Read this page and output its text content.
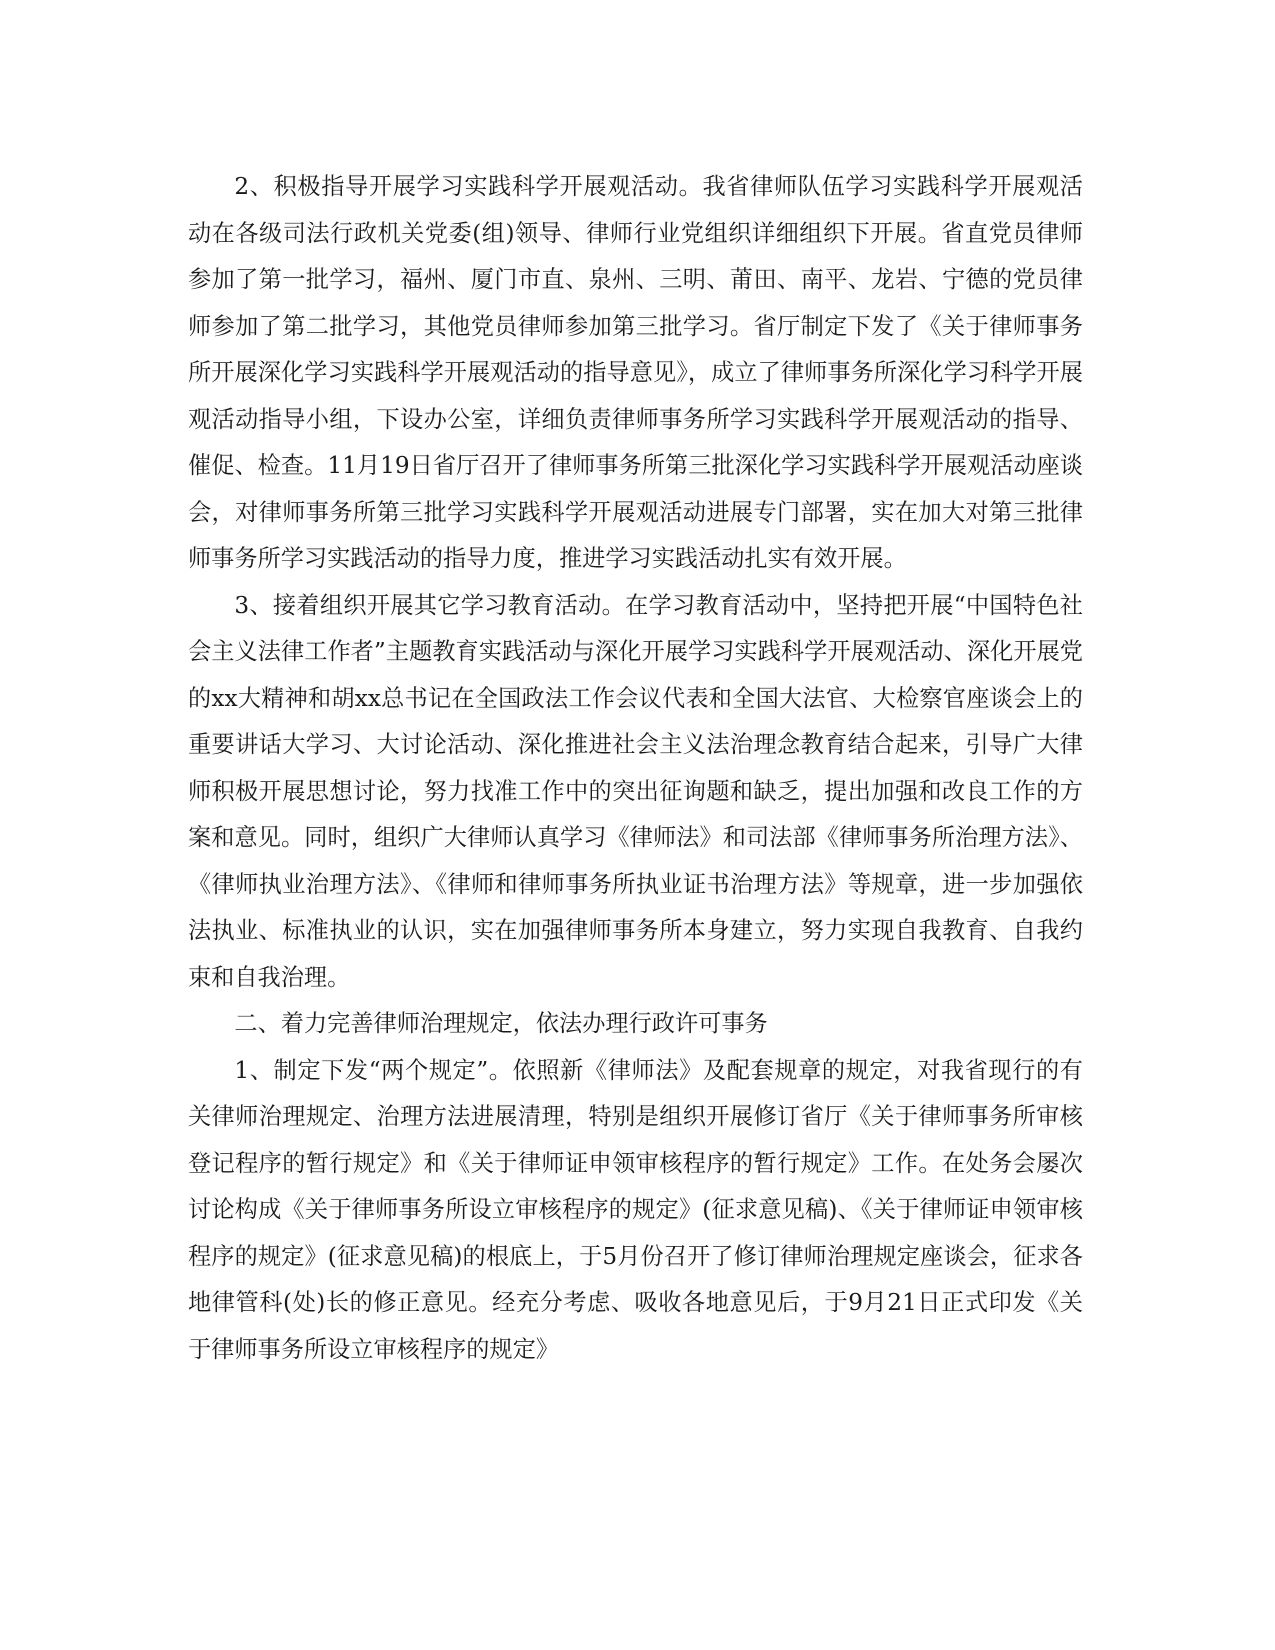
2、积极指导开展学习实践科学开展观活动。我省律师队伍学习实践科学开展观活动在各级司法行政机关党委(组)领导、律师行业党组织详细组织下开展。省直党员律师参加了第一批学习，福州、厦门市直、泉州、三明、莆田、南平、龙岩、宁德的党员律师参加了第二批学习，其他党员律师参加第三批学习。省厅制定下发了《关于律师事务所开展深化学习实践科学开展观活动的指导意见》，成立了律师事务所深化学习科学开展观活动指导小组，下设办公室，详细负责律师事务所学习实践科学开展观活动的指导、催促、检查。11月19日省厅召开了律师事务所第三批深化学习实践科学开展观活动座谈会，对律师事务所第三批学习实践科学开展观活动进展专门部署，实在加大对第三批律师事务所学习实践活动的指导力度，推进学习实践活动扎实有效开展。

3、接着组织开展其它学习教育活动。在学习教育活动中，坚持把开展“中国特色社会主义法律工作者”主题教育实践活动与深化开展学习实践科学开展观活动、深化开展党的xx大精神和胡xx总书记在全国政法工作会议代表和全国大法官、大检察官座谈会上的重要讲话大学习、大讨论活动、深化推进社会主义法治理念教育结合起来，引导广大律师积极开展思想讨论，努力找准工作中的突出征询题和缺乏，提出加强和改良工作的方案和意见。同时，组织广大律师认真学习《律师法》和司法部《律师事务所治理方法》、《律师执业治理方法》、《律师和律师事务所执业证书治理方法》等规章，进一步加强依法执业、标准执业的认识，实在加强律师事务所本身建立，努力实现自我教育、自我约束和自我治理。

二、着力完善律师治理规定，依法办理行政许可事务

1、制定下发“两个规定”。依照新《律师法》及配套规章的规定，对我省现行的有关律师治理规定、治理方法进展清理，特别是组织开展修订省厅《关于律师事务所审核登记程序的暂行规定》和《关于律师证申领审核程序的暂行规定》工作。在处务会屡次讨论构成《关于律师事务所设立审核程序的规定》(征求意见稿)、《关于律师证申领审核程序的规定》(征求意见稿)的根底上，于5月份召开了修订律师治理规定座谈会，征求各地律管科(处)长的修正意见。经充分考虑、吸收各地意见后，于9月21日正式印发《关于律师事务所设立审核程序的规定》
